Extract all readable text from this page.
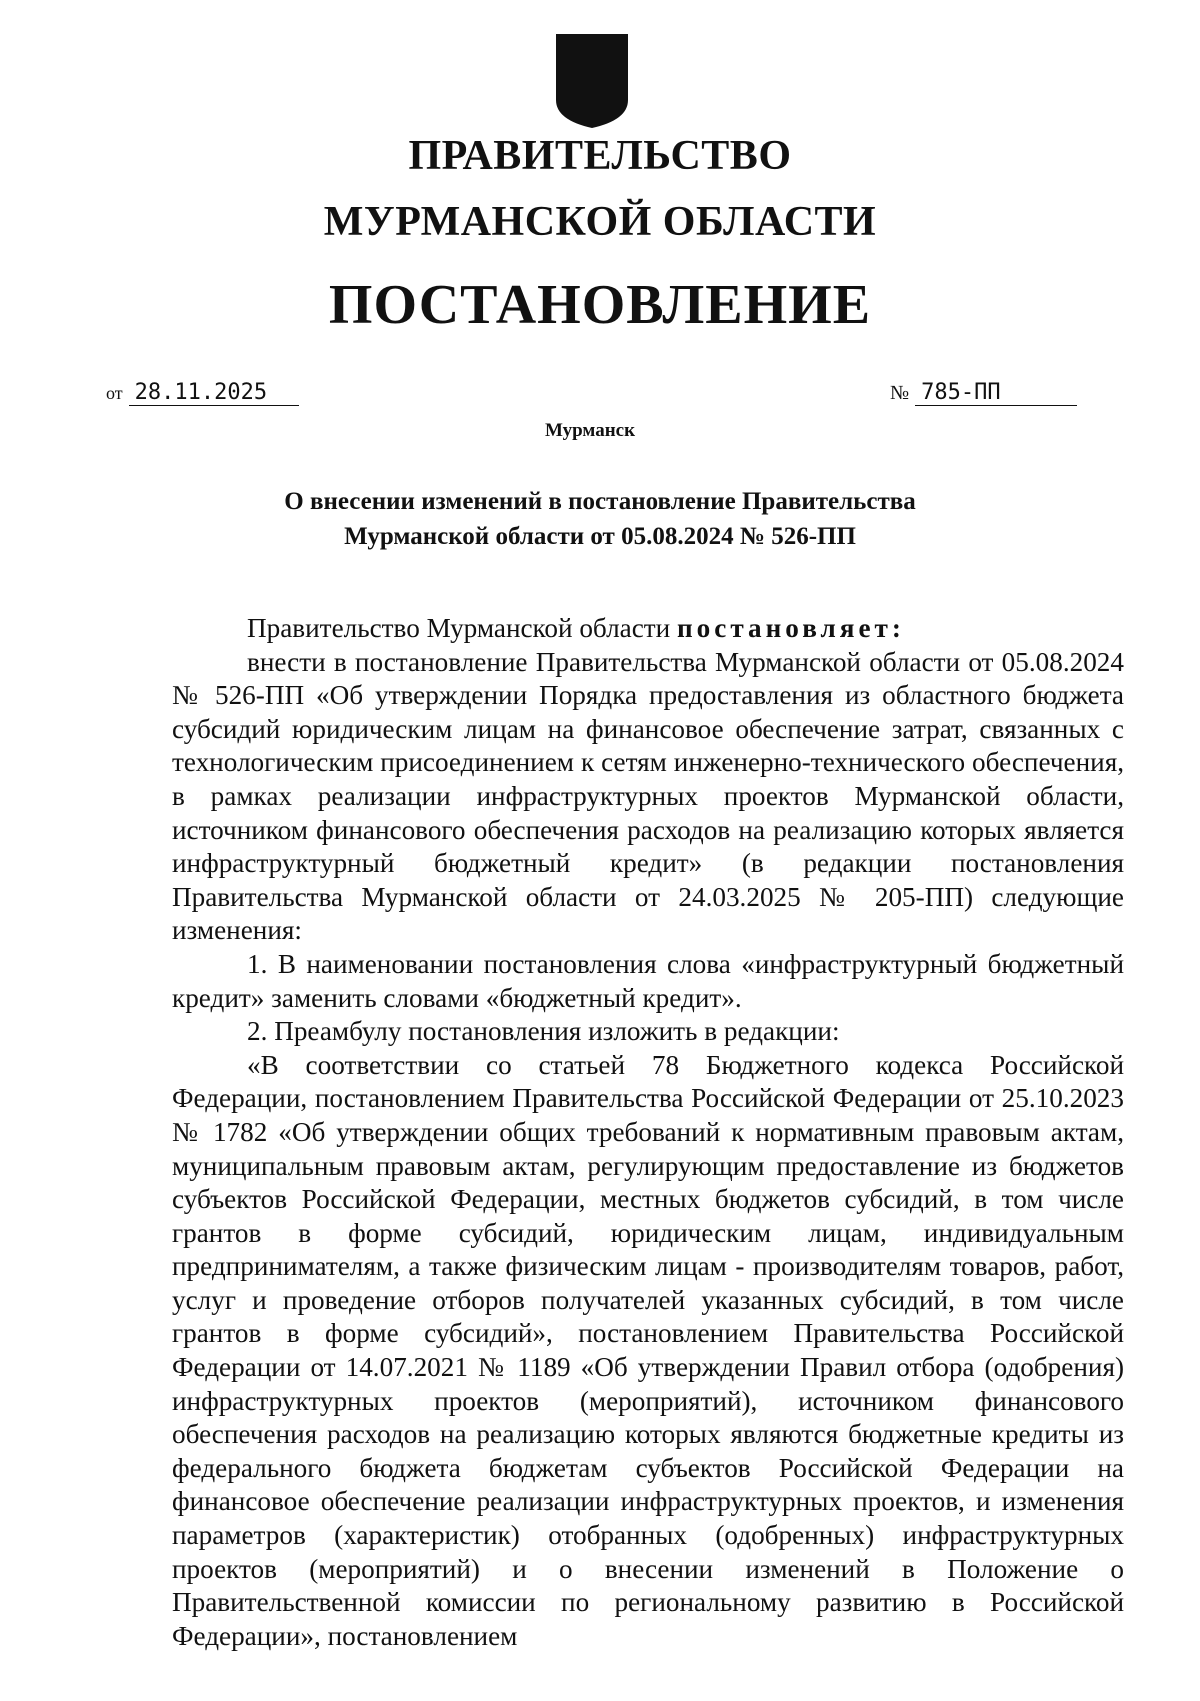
ПРАВИТЕЛЬСТВО
МУРМАНСКОЙ ОБЛАСТИ
ПОСТАНОВЛЕНИЕ
от 28.11.2025	№ 785-ПП
Мурманск
О внесении изменений в постановление Правительства
Мурманской области от 05.08.2024 № 526-ПП

Правительство Мурманской области постановляет:

внести в постановление Правительства Мурманской области от 05.08.2024 № 526-ПП «Об утверждении Порядка предоставления из областного бюджета субсидий юридическим лицам на финансовое обеспечение затрат, связанных с технологическим присоединением к сетям инженерно-технического обеспечения, в рамках реализации инфраструктурных проектов Мурманской области, источником финансового обеспечения расходов на реализацию которых является инфраструктурный бюджетный кредит» (в редакции постановления Правительства Мурманской области от 24.03.2025 № 205-ПП) следующие изменения:

1. В наименовании постановления слова «инфраструктурный бюджетный кредит» заменить словами «бюджетный кредит».

2. Преамбулу постановления изложить в редакции:

«В соответствии со статьей 78 Бюджетного кодекса Российской Федерации, постановлением Правительства Российской Федерации от 25.10.2023 № 1782 «Об утверждении общих требований к нормативным правовым актам, муниципальным правовым актам, регулирующим предоставление из бюджетов субъектов Российской Федерации, местных бюджетов субсидий, в том числе грантов в форме субсидий, юридическим лицам, индивидуальным предпринимателям, а также физическим лицам - производителям товаров, работ, услуг и проведение отборов получателей указанных субсидий, в том числе грантов в форме субсидий», постановлением Правительства Российской Федерации от 14.07.2021 № 1189 «Об утверждении Правил отбора (одобрения) инфраструктурных проектов (мероприятий), источником финансового обеспечения расходов на реализацию которых являются бюджетные кредиты из федерального бюджета бюджетам субъектов Российской Федерации на финансовое обеспечение реализации инфраструктурных проектов, и изменения параметров (характеристик) отобранных (одобренных) инфраструктурных проектов (мероприятий) и о внесении изменений в Положение о Правительственной комиссии по региональному развитию в Российской Федерации», постановлением
